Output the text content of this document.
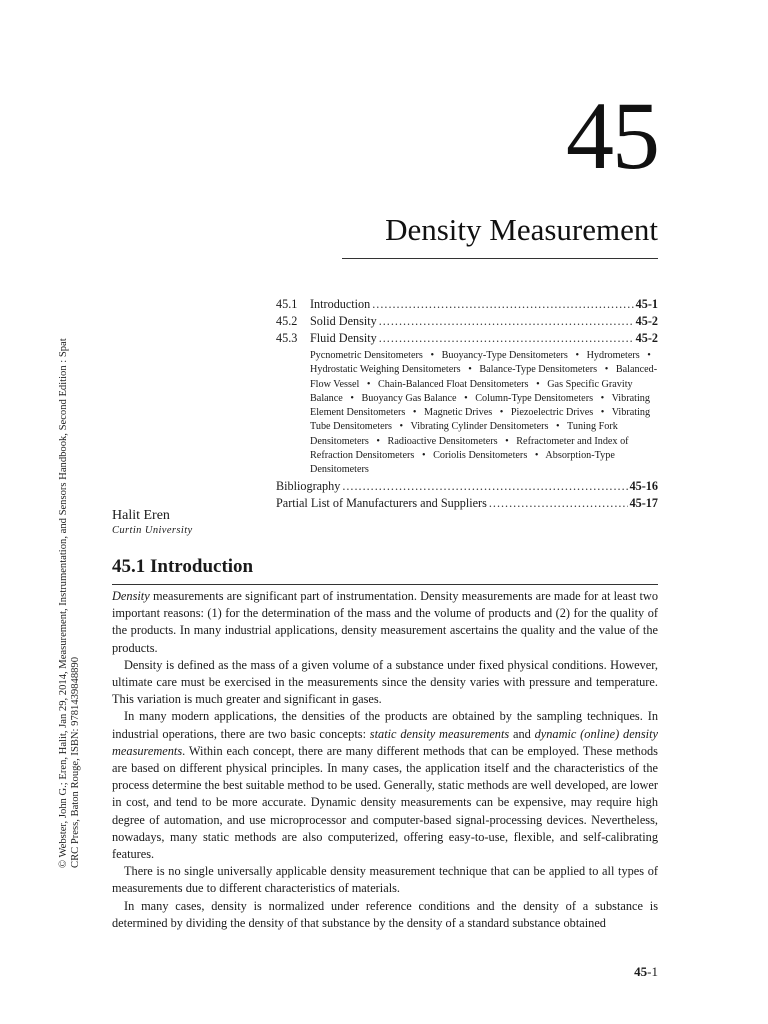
© Webster, John G.; Eren, Halit, Jan 29, 2014, Measurement, Instrumentation, and Sensors Handbook, Second Edition : Spat CRC Press, Baton Rouge, ISBN: 9781439848890
45
Density Measurement
45.1	Introduction .....	45-1
45.2	Solid Density .....	45-2
45.3	Fluid Density .....	45-2
Pycnometric Densitometers • Buoyancy-Type Densitometers • Hydrometers • Hydrostatic Weighing Densitometers • Balance-Type Densitometers • Balanced-Flow Vessel • Chain-Balanced Float Densitometers • Gas Specific Gravity Balance • Buoyancy Gas Balance • Column-Type Densitometers • Vibrating Element Densitometers • Magnetic Drives • Piezoelectric Drives • Vibrating Tube Densitometers • Vibrating Cylinder Densitometers • Tuning Fork Densitometers • Radioactive Densitometers • Refractometer and Index of Refraction Densitometers • Coriolis Densitometers • Absorption-Type Densitometers
Bibliography .....	45-16
Partial List of Manufacturers and Suppliers .....	45-17
Halit Eren
Curtin University
45.1 Introduction

Density measurements are significant part of instrumentation. Density measurements are made for at least two important reasons: (1) for the determination of the mass and the volume of products and (2) for the quality of the products. In many industrial applications, density measurement ascertains the quality and the value of the products.

Density is defined as the mass of a given volume of a substance under fixed physical conditions. However, ultimate care must be exercised in the measurements since the density varies with pressure and temperature. This variation is much greater and significant in gases.

In many modern applications, the densities of the products are obtained by the sampling techniques. In industrial operations, there are two basic concepts: static density measurements and dynamic (online) density measurements. Within each concept, there are many different methods that can be employed. These methods are based on different physical principles. In many cases, the application itself and the characteristics of the process determine the best suitable method to be used. Generally, static methods are well developed, are lower in cost, and tend to be more accurate. Dynamic density measurements can be expensive, may require high degree of automation, and use microprocessor and computer-based signal-processing devices. Nevertheless, nowadays, many static methods are also computerized, offering easy-to-use, flexible, and self-calibrating features.

There is no single universally applicable density measurement technique that can be applied to all types of measurements due to different characteristics of materials.

In many cases, density is normalized under reference conditions and the density of a substance is determined by dividing the density of that substance by the density of a standard substance obtained

45-1
